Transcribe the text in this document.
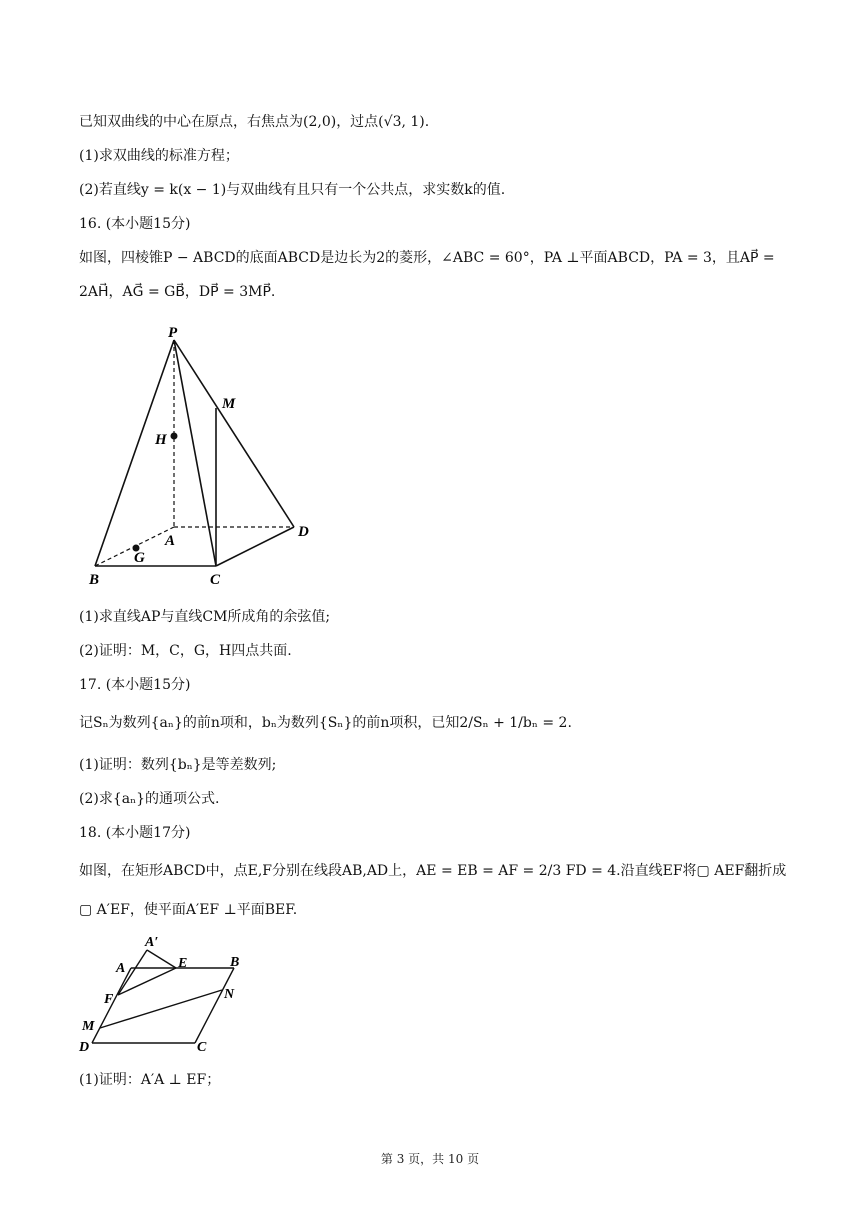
已知双曲线的中心在原点，右焦点为(2,0)，过点(√3, 1).
(1)求双曲线的标准方程；
(2)若直线y = k(x − 1)与双曲线有且只有一个公共点，求实数k的值.
16. (本小题15分)
如图，四棱锥P − ABCD的底面ABCD是边长为2的菱形，∠ABC = 60°，PA ⊥平面ABCD，PA = 3，且AP⃗ =
2AH⃗，AG⃗ = GB⃗，DP⃗ = 3MP⃗.
P
M
H
A
D
B
G
C
(1)求直线AP与直线CM所成角的余弦值;
(2)证明：M，C，G，H四点共面.
17. (本小题15分)
记Sₙ为数列{aₙ}的前n项和，bₙ为数列{Sₙ}的前n项积，已知2/Sₙ + 1/bₙ = 2.
(1)证明：数列{bₙ}是等差数列;
(2)求{aₙ}的通项公式.
18. (本小题17分)
如图，在矩形ABCD中，点E,F分别在线段AB,AD上，AE = EB = AF = 2/3 FD = 4.沿直线EF将▢ AEF翻折成
▢ A′EF，使平面A′EF ⊥平面BEF.
A′
A	E	B
F	N
M
D	C
(1)证明：A′A ⊥ EF；
第 3 页，共 10 页
